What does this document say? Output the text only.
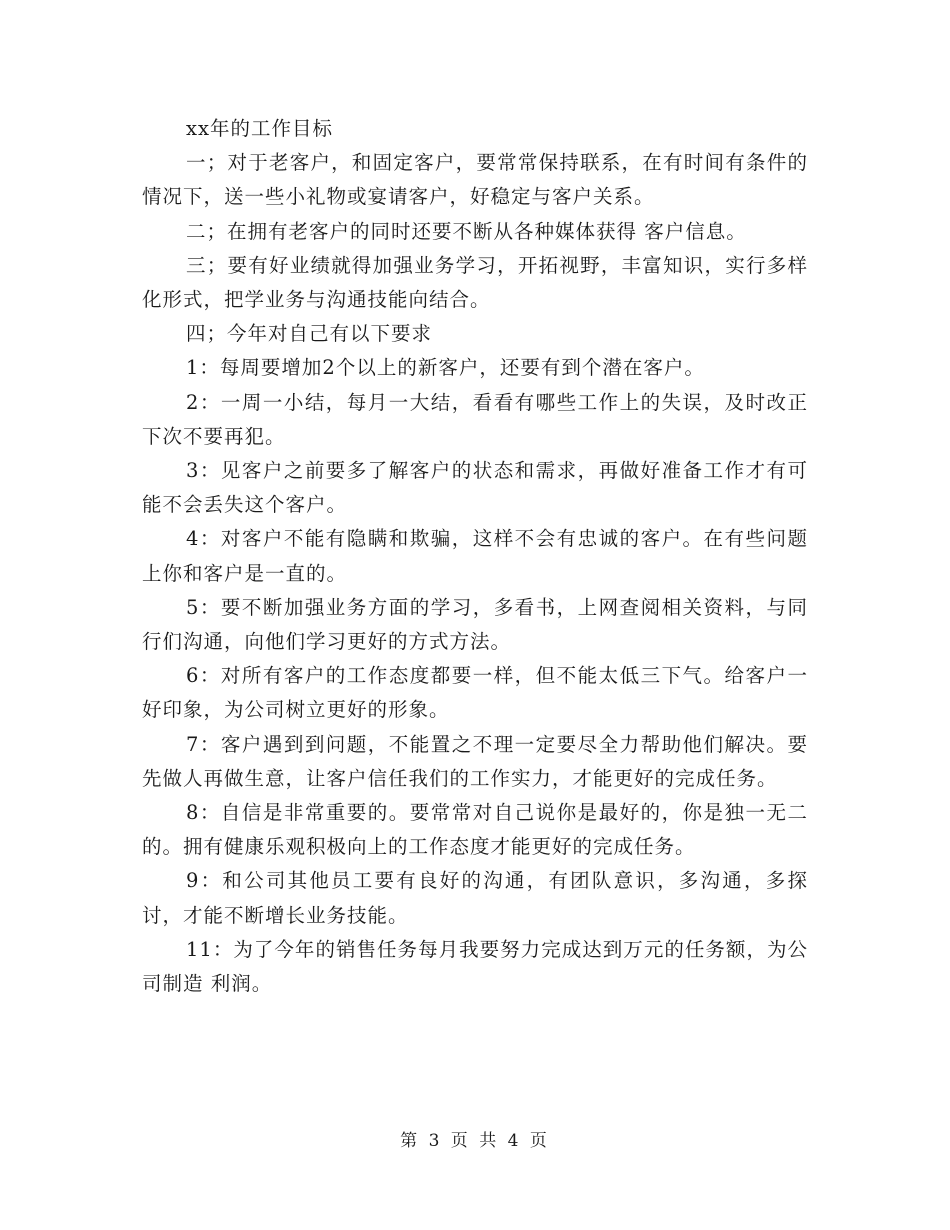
xx年的工作目标

一；对于老客户，和固定客户，要常常保持联系，在有时间有条件的情况下，送一些小礼物或宴请客户，好稳定与客户关系。

二；在拥有老客户的同时还要不断从各种媒体获得 客户信息。

三；要有好业绩就得加强业务学习，开拓视野，丰富知识，实行多样化形式，把学业务与沟通技能向结合。

四；今年对自己有以下要求

1：每周要增加2个以上的新客户，还要有到个潜在客户。

2：一周一小结，每月一大结，看看有哪些工作上的失误，及时改正下次不要再犯。

3：见客户之前要多了解客户的状态和需求，再做好准备工作才有可能不会丢失这个客户。

4：对客户不能有隐瞒和欺骗，这样不会有忠诚的客户。在有些问题上你和客户是一直的。

5：要不断加强业务方面的学习，多看书，上网查阅相关资料，与同行们沟通，向他们学习更好的方式方法。

6：对所有客户的工作态度都要一样，但不能太低三下气。给客户一好印象，为公司树立更好的形象。

7：客户遇到到问题，不能置之不理一定要尽全力帮助他们解决。要先做人再做生意，让客户信任我们的工作实力，才能更好的完成任务。

8：自信是非常重要的。要常常对自己说你是最好的，你是独一无二的。拥有健康乐观积极向上的工作态度才能更好的完成任务。

9：和公司其他员工要有良好的沟通，有团队意识，多沟通，多探讨，才能不断增长业务技能。

11：为了今年的销售任务每月我要努力完成达到万元的任务额，为公司制造 利润。

第 3 页 共 4 页
